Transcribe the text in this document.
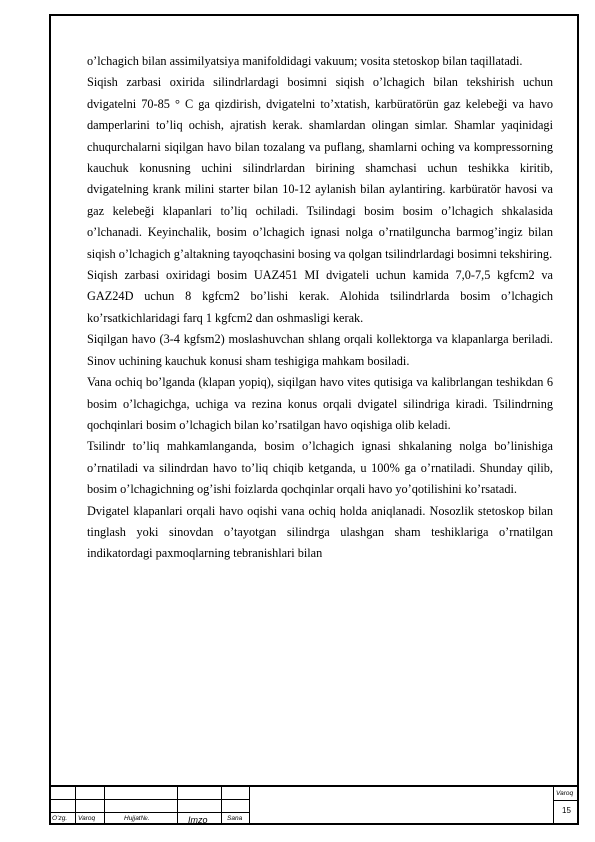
o’lchagich bilan assimilyatsiya manifoldidagi vakuum; vosita stetoskop bilan taqillatadi.

Siqish zarbasi oxirida silindrlardagi bosimni siqish o’lchagich bilan tekshirish uchun dvigatelni 70-85 ° C ga qizdirish, dvigatelni to’xtatish, karbüratörün gaz kelebeği va havo damperlarini to’liq ochish, ajratish kerak. shamlardan olingan simlar. Shamlar yaqinidagi chuqurchalarni siqilgan havo bilan tozalang va puflang, shamlarni oching va kompressorning kauchuk konusning uchini silindrlardan birining shamchasi uchun teshikka kiritib, dvigatelning krank milini starter bilan 10-12 aylanish bilan aylantiring. karbüratör havosi va gaz kelebeği klapanlari to’liq ochiladi. Tsilindagi bosim bosim o’lchagich shkalasida o’lchanadi. Keyinchalik, bosim o’lchagich ignasi nolga o’rnatilguncha barmog’ingiz bilan siqish o’lchagich g’altakning tayoqchasini bosing va qolgan tsilindrlardagi bosimni tekshiring.

Siqish zarbasi oxiridagi bosim UAZ451 MI dvigateli uchun kamida 7,0-7,5 kgfcm2 va GAZ24D uchun 8 kgfcm2 bo’lishi kerak. Alohida tsilindrlarda bosim o’lchagich ko’rsatkichlaridagi farq 1 kgfcm2 dan oshmasligi kerak.

Siqilgan havo (3-4 kgfsm2) moslashuvchan shlang orqali kollektorga va klapanlarga beriladi. Sinov uchining kauchuk konusi sham teshigiga mahkam bosiladi.

Vana ochiq bo’lganda (klapan yopiq), siqilgan havo vites qutisiga va kalibrlangan teshikdan 6 bosim o’lchagichga, uchiga va rezina konus orqali dvigatel silindriga kiradi. Tsilindrning qochqinlari bosim o’lchagich bilan ko’rsatilgan havo oqishiga olib keladi.

Tsilindr to’liq mahkamlanganda, bosim o’lchagich ignasi shkalaning nolga bo’linishiga o’rnatiladi va silindrdan havo to’liq chiqib ketganda, u 100% ga o’rnatiladi. Shunday qilib, bosim o’lchagichning og’ishi foizlarda qochqinlar orqali havo yo’qotilishini ko’rsatadi.

Dvigatel klapanlari orqali havo oqishi vana ochiq holda aniqlanadi. Nosozlik stetoskop bilan tinglash yoki sinovdan o’tayotgan silindrga ulashgan sham teshiklariga o’rnatilgan indikatordagi paxmoqlarning tebranishlari bilan

O’zg. Varoq	Hujjat№.	Imzo	Sana
Varoq
15
